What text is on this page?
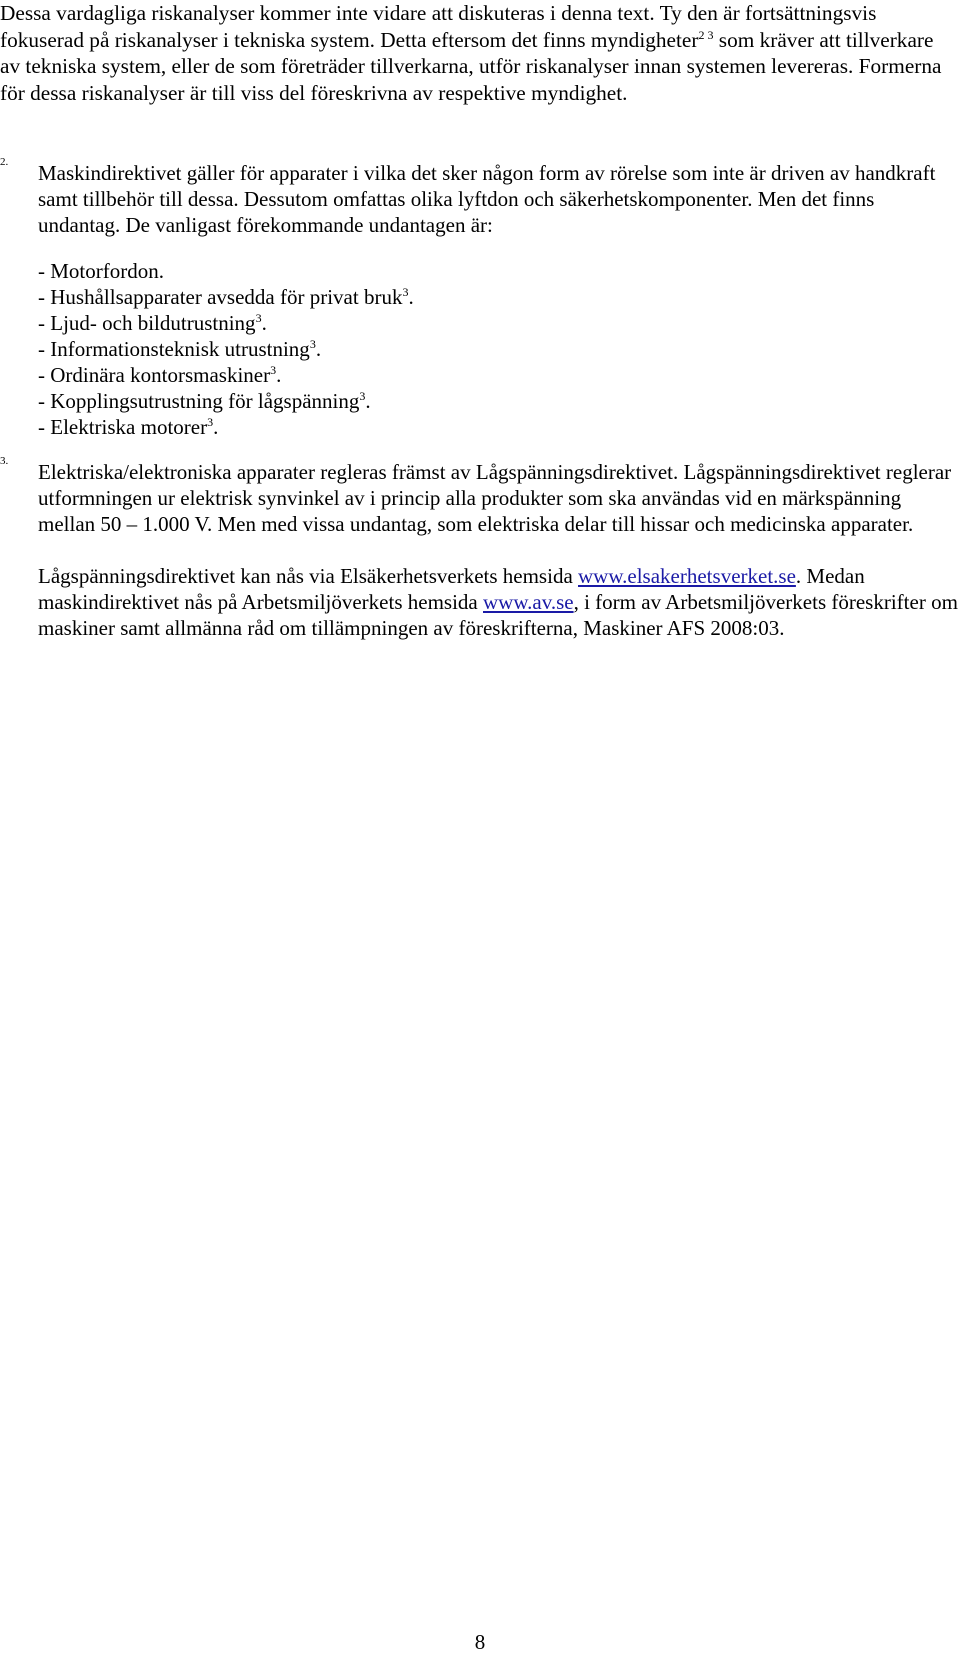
Dessa vardagliga riskanalyser kommer inte vidare att diskuteras i denna text. Ty den är fortsättningsvis fokuserad på riskanalyser i tekniska system. Detta eftersom det finns myndigheter$^{2 3}$ som kräver att tillverkare av tekniska system, eller de som företräder tillverkarna, utför riskanalyser innan systemen levereras. Formerna för dessa riskanalyser är till viss del föreskrivna av respektive myndighet.

2. Maskindirektivet gäller för apparater i vilka det sker någon form av rörelse som inte är driven av handkraft samt tillbehör till dessa. Dessutom omfattas olika lyftdon och säkerhetskomponenter. Men det finns undantag. De vanligast förekommande undantagen är:

- Motorfordon.
- Hushållsapparater avsedda för privat bruk$^3$.
- Ljud- och bildutrustning$^3$.
- Informationsteknisk utrustning$^3$.
- Ordinära kontorsmaskiner$^3$.
- Kopplingsutrustning för lågspänning$^3$.
- Elektriska motorer$^3$.
3. Elektriska/elektroniska apparater regleras främst av Lågspänningsdirektivet. Lågspänningsdirektivet reglerar utformningen ur elektrisk synvinkel av i princip alla produkter som ska användas vid en märkspänning mellan 50 – 1.000 V. Men med vissa undantag, som elektriska delar till hissar och medicinska apparater.

Lågspänningsdirektivet kan nås via Elsäkerhetsverkets hemsida www.elsakerhetsverket.se. Medan maskindirektivet nås på Arbetsmiljöverkets hemsida www.av.se, i form av Arbetsmiljöverkets föreskrifter om maskiner samt allmänna råd om tillämpningen av föreskrifterna, Maskiner AFS 2008:03.

8
